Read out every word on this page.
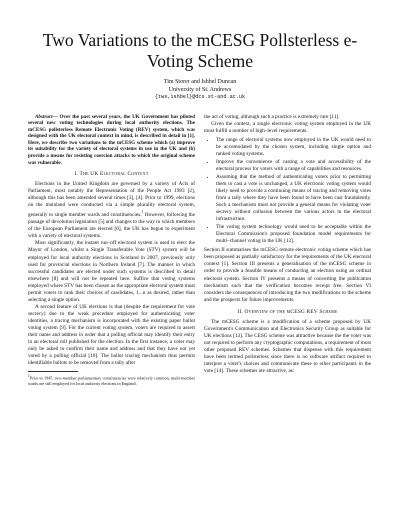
Two Variations to the mCESG Pollsterless e-Voting Scheme
Tim Storer and Ishbel Duncan
University of St. Andrews
{tws,ishbel}@dcs.st-and.ac.uk

Abstract— Over the past several years, the UK Government has piloted several new voting technologies during local authority elections. The mCESG pollsterless Remote Electronic Voting (REV) system, which was designed with the UK electoral context in mind, is described in detail in [1]. Here, we describe two variations to the mCESG scheme which (a) improve its suitability for the variety of electoral systems in use in the UK and (b) provide a means for resisting coercion attacks to which the original scheme was vulnerable.

I. The UK Electoral Context

Elections in the United Kingdom are governed by a variety of Acts of Parliament, most notably the Representation of the People Act 1983 [2], although this has been amended several times [3], [4]. Prior to 1999, elections on the mainland were conducted via a simple plurality electoral system, generally to single member wards and constituencies.$^1$ However, following the passage of devolution legislation [5] and changes to the way in which members of the European Parliament are elected [6], the UK has begun to experiment with a variety of electoral systems.

Most significantly, the instant run–off electoral system is used to elect the Mayor of London, whilst a Single Transferable Vote (STV) system will be employed for local authority elections in Scotland in 2007, previously only used for provincial elections in Northern Ireland [7]. The manner in which successful candidates are elected under such systems is described in detail elsewhere [8] and will not be repeated here. Suffice that voting systems employed where STV has been chosen as the appropriate electoral system must permit voters to rank their choices of candidates, 1...n as desired, rather than selecting a single option.

A second feature of UK elections is that (despite the requirement for vote secrecy) due to the weak procedure employed for authenticating voter identities, a tracing mechanism is incorporated with the existing paper ballot voting system [9]. For the current voting system, voters are required to assert their name and address in order that a polling official may identify their entry in an electoral roll published for the election. In the first instance, a voter may only be asked to confirm their name and address and that they have not yet voted by a polling official [10]. The ballot tracing mechanism thus permits identifiable ballots to be removed from a tally after

1Prior to 1945, two–member parliamentary constituencies were relatively common, multi-member wards are still employed for local authority elections in England.

the act of voting, although such a practice is extremely rare [11].

Given the context, a single electronic voting system employed in the UK must fulfill a number of high–level requirements.

• The range of electoral systems now employed in the UK would need to be accomodated by the chosen system, including single option and ranked voting systems.
• Improve the convenience of casting a vote and accessibility of the electoral process for voters with a range of capabilities and resources.
• Assuming that the method of authenticating voters prior to permitting them to cast a vote is unchanged, a UK electronic voting system would likely need to provide a continuing means of tracing and removing votes from a tally where they have been found to have been cast fraudulently. Such a mechanism must not provide a general means for violating voter secrecy without collusion between the various actors in the electoral infrastructure.
• The voting system technology would need to be acceptable within the Electoral Commission's proposed foundation model requirements for multi–channel voting in the UK [12].

Section II summarises the mCESG remote electronic voting scheme which has been proposed as partially satisfactory for the requirements of the UK electoral context [1]. Section III presents a generalisation of the mCESG scheme in order to provide a feasible means of conducting an election using an ordinal electoral system. Section IV presents a means of converting the publication mechanism such that the verification becomes receipt free. Section VI considers the consequences of introducing the two modifications to the scheme and the prospects for future improvements.

II. Overview of the mCESG REV Scheme

The mCESG scheme is a modification of a scheme proposed by UK Government's Communication and Electronics Security Group as suitable for UK elections [13]. The CESG scheme was attractive because the the voter was not required to perform any cryptographic computations, a requirement of most other proposed REV schemes. Schemes that dispense with this requirement have been termed pollsterless since there is no software artifact required to interpret a voter's choices and communicate these to other participants in the vote [14]. These schemes are attractive, as:
